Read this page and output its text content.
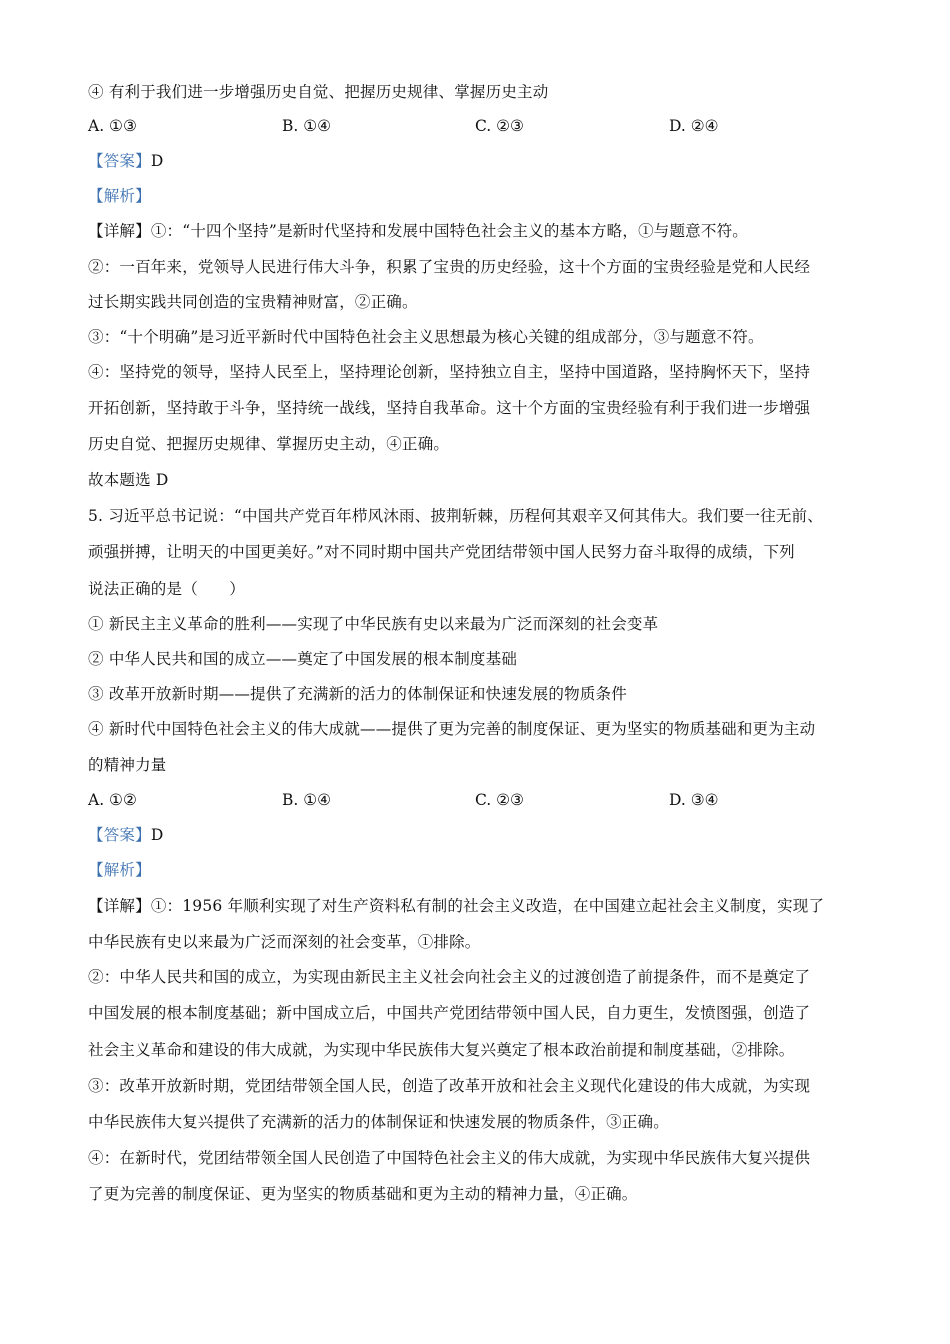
④ 有利于我们进一步增强历史自觉、把握历史规律、掌握历史主动
A. ①③	B. ①④	C. ②③	D. ②④
【答案】D
【解析】
【详解】①：“十四个坚持”是新时代坚持和发展中国特色社会主义的基本方略，①与题意不符。
②：一百年来，党领导人民进行伟大斗争，积累了宝贵的历史经验，这十个方面的宝贵经验是党和人民经
过长期实践共同创造的宝贵精神财富，②正确。
③：“十个明确”是习近平新时代中国特色社会主义思想最为核心关键的组成部分，③与题意不符。
④：坚持党的领导，坚持人民至上，坚持理论创新，坚持独立自主，坚持中国道路，坚持胸怀天下，坚持
开拓创新，坚持敢于斗争，坚持统一战线，坚持自我革命。这十个方面的宝贵经验有利于我们进一步增强
历史自觉、把握历史规律、掌握历史主动，④正确。
故本题选 D
5. 习近平总书记说：“中国共产党百年栉风沐雨、披荆斩棘，历程何其艰辛又何其伟大。我们要一往无前、
顽强拼搏，让明天的中国更美好。”对不同时期中国共产党团结带领中国人民努力奋斗取得的成绩，下列
说法正确的是（　　）
① 新民主主义革命的胜利——实现了中华民族有史以来最为广泛而深刻的社会变革
② 中华人民共和国的成立——奠定了中国发展的根本制度基础
③ 改革开放新时期——提供了充满新的活力的体制保证和快速发展的物质条件
④ 新时代中国特色社会主义的伟大成就——提供了更为完善的制度保证、更为坚实的物质基础和更为主动
的精神力量
A. ①②	B. ①④	C. ②③	D. ③④
【答案】D
【解析】
【详解】①：1956 年顺利实现了对生产资料私有制的社会主义改造，在中国建立起社会主义制度，实现了
中华民族有史以来最为广泛而深刻的社会变革，①排除。
②：中华人民共和国的成立，为实现由新民主主义社会向社会主义的过渡创造了前提条件，而不是奠定了
中国发展的根本制度基础；新中国成立后，中国共产党团结带领中国人民，自力更生，发愤图强，创造了
社会主义革命和建设的伟大成就，为实现中华民族伟大复兴奠定了根本政治前提和制度基础，②排除。
③：改革开放新时期，党团结带领全国人民，创造了改革开放和社会主义现代化建设的伟大成就，为实现
中华民族伟大复兴提供了充满新的活力的体制保证和快速发展的物质条件，③正确。
④：在新时代，党团结带领全国人民创造了中国特色社会主义的伟大成就，为实现中华民族伟大复兴提供
了更为完善的制度保证、更为坚实的物质基础和更为主动的精神力量，④正确。
